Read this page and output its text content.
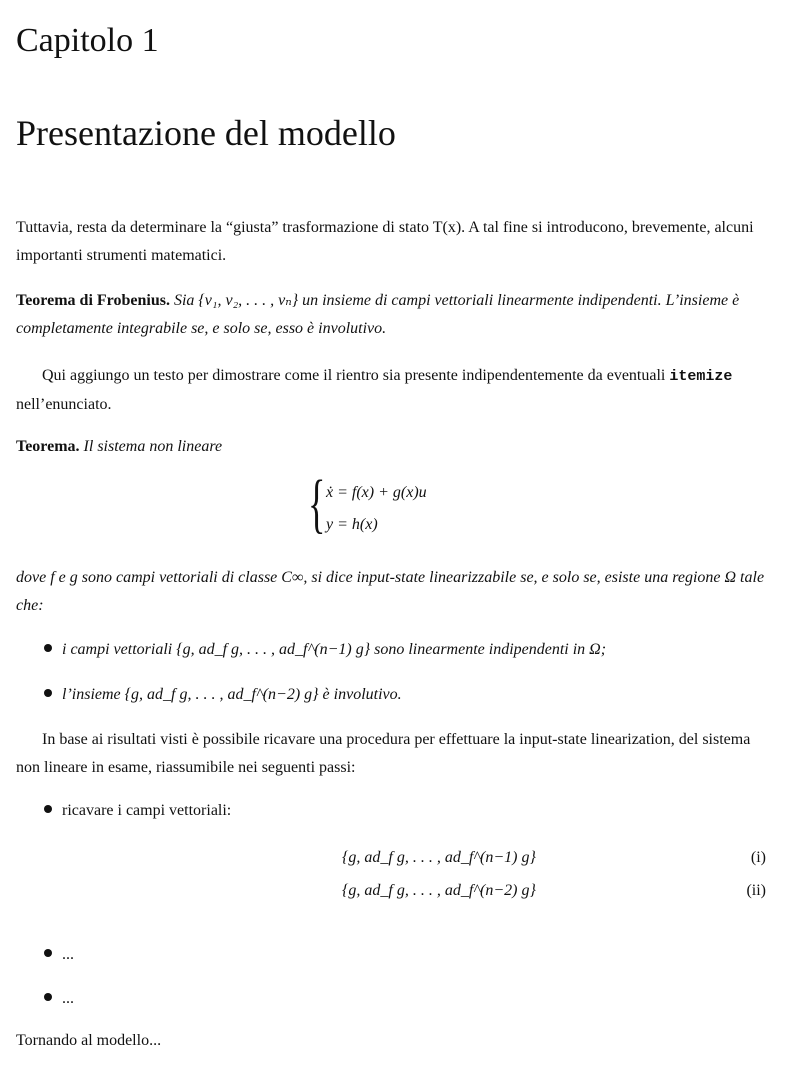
Capitolo 1
Presentazione del modello
Tuttavia, resta da determinare la “giusta” trasformazione di stato T(x). A tal fine si introducono, brevemente, alcuni importanti strumenti matematici.
Teorema di Frobenius. Sia {v₁, v₂, . . . , vₙ} un insieme di campi vettoriali linearmente indipendenti. L’insieme è completamente integrabile se, e solo se, esso è involutivo.
Qui aggiungo un testo per dimostrare come il rientro sia presente indipendentemente da eventuali itemize nell’enunciato.
Teorema. Il sistema non lineare
{ ẋ = f(x) + g(x)u
y = h(x)
dove f e g sono campi vettoriali di classe C∞, si dice input-state linearizzabile se, e solo se, esiste una regione Ω tale che:
i campi vettoriali {g, ad_f g, . . . , ad_f^(n−1) g} sono linearmente indipendenti in Ω;
l’insieme {g, ad_f g, . . . , ad_f^(n−2) g} è involutivo.
In base ai risultati visti è possibile ricavare una procedura per effettuare la input-state linearization, del sistema non lineare in esame, riassumibile nei seguenti passi:
ricavare i campi vettoriali:
{g, ad_f g, . . . , ad_f^(n−1) g}	(i)
{g, ad_f g, . . . , ad_f^(n−2) g}	(ii)
...
...
Tornando al modello...
